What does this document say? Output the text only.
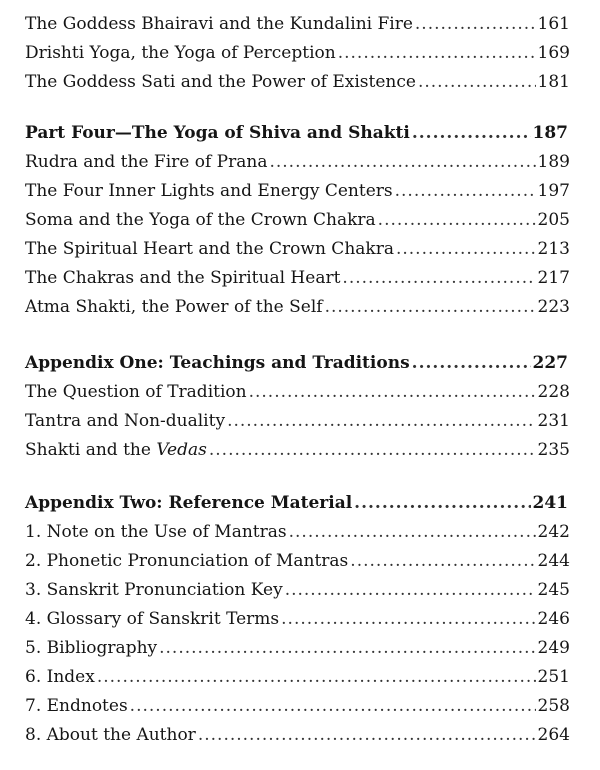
The Goddess Bhairavi and the Kundalini Fire .....	161
Drishti Yoga, the Yoga of Perception .....	169
The Goddess Sati and the Power of Existence .....	181
Part Four—The Yoga of Shiva and Shakti .....	187
Rudra and the Fire of Prana .....	189
The Four Inner Lights and Energy Centers .....	197
Soma and the Yoga of the Crown Chakra .....	205
The Spiritual Heart and the Crown Chakra .....	213
The Chakras and the Spiritual Heart .....	217
Atma Shakti, the Power of the Self .....	223
Appendix One: Teachings and Traditions .....	227
The Question of Tradition .....	228
Tantra and Non-duality .....	231
Shakti and the Vedas .....	235
Appendix Two: Reference Material .....	241
1. Note on the Use of Mantras .....	242
2. Phonetic Pronunciation of Mantras .....	244
3. Sanskrit Pronunciation Key .....	245
4. Glossary of Sanskrit Terms .....	246
5. Bibliography .....	249
6. Index .....	251
7. Endnotes .....	258
8. About the Author .....	264
